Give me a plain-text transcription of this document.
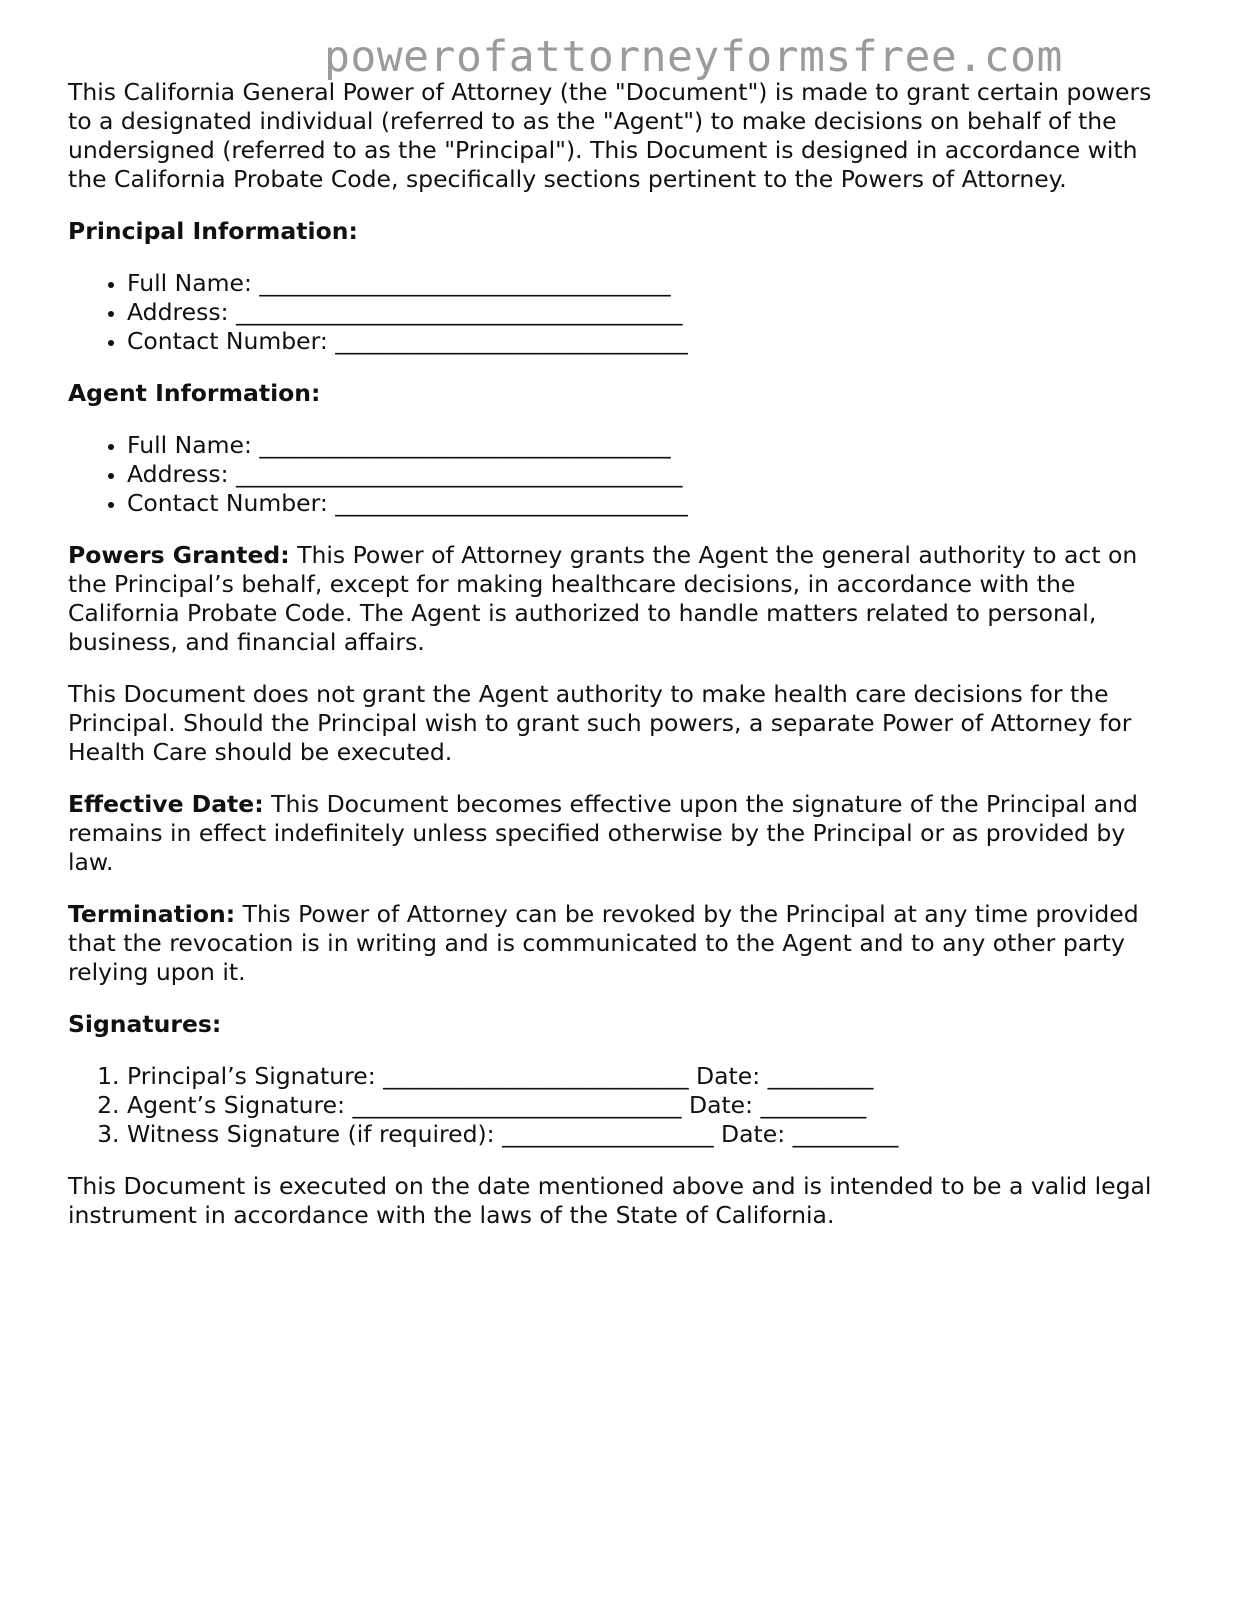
powerofattorneyformsfree.com

This California General Power of Attorney (the "Document") is made to grant certain powers to a designated individual (referred to as the "Agent") to make decisions on behalf of the undersigned (referred to as the "Principal"). This Document is designed in accordance with the California Probate Code, specifically sections pertinent to the Powers of Attorney.

Principal Information:
• Full Name: ___________________________________
• Address: ______________________________________
• Contact Number: ______________________________
Agent Information:
• Full Name: ___________________________________
• Address: ______________________________________
• Contact Number: ______________________________

Powers Granted: This Power of Attorney grants the Agent the general authority to act on the Principal’s behalf, except for making healthcare decisions, in accordance with the California Probate Code. The Agent is authorized to handle matters related to personal, business, and financial affairs.

This Document does not grant the Agent authority to make health care decisions for the Principal. Should the Principal wish to grant such powers, a separate Power of Attorney for Health Care should be executed.

Effective Date: This Document becomes effective upon the signature of the Principal and remains in effect indefinitely unless specified otherwise by the Principal or as provided by law.

Termination: This Power of Attorney can be revoked by the Principal at any time provided that the revocation is in writing and is communicated to the Agent and to any other party relying upon it.

Signatures:
1. Principal’s Signature: __________________________ Date: _________
2. Agent’s Signature: ____________________________ Date: _________
3. Witness Signature (if required): __________________ Date: _________

This Document is executed on the date mentioned above and is intended to be a valid legal instrument in accordance with the laws of the State of California.
